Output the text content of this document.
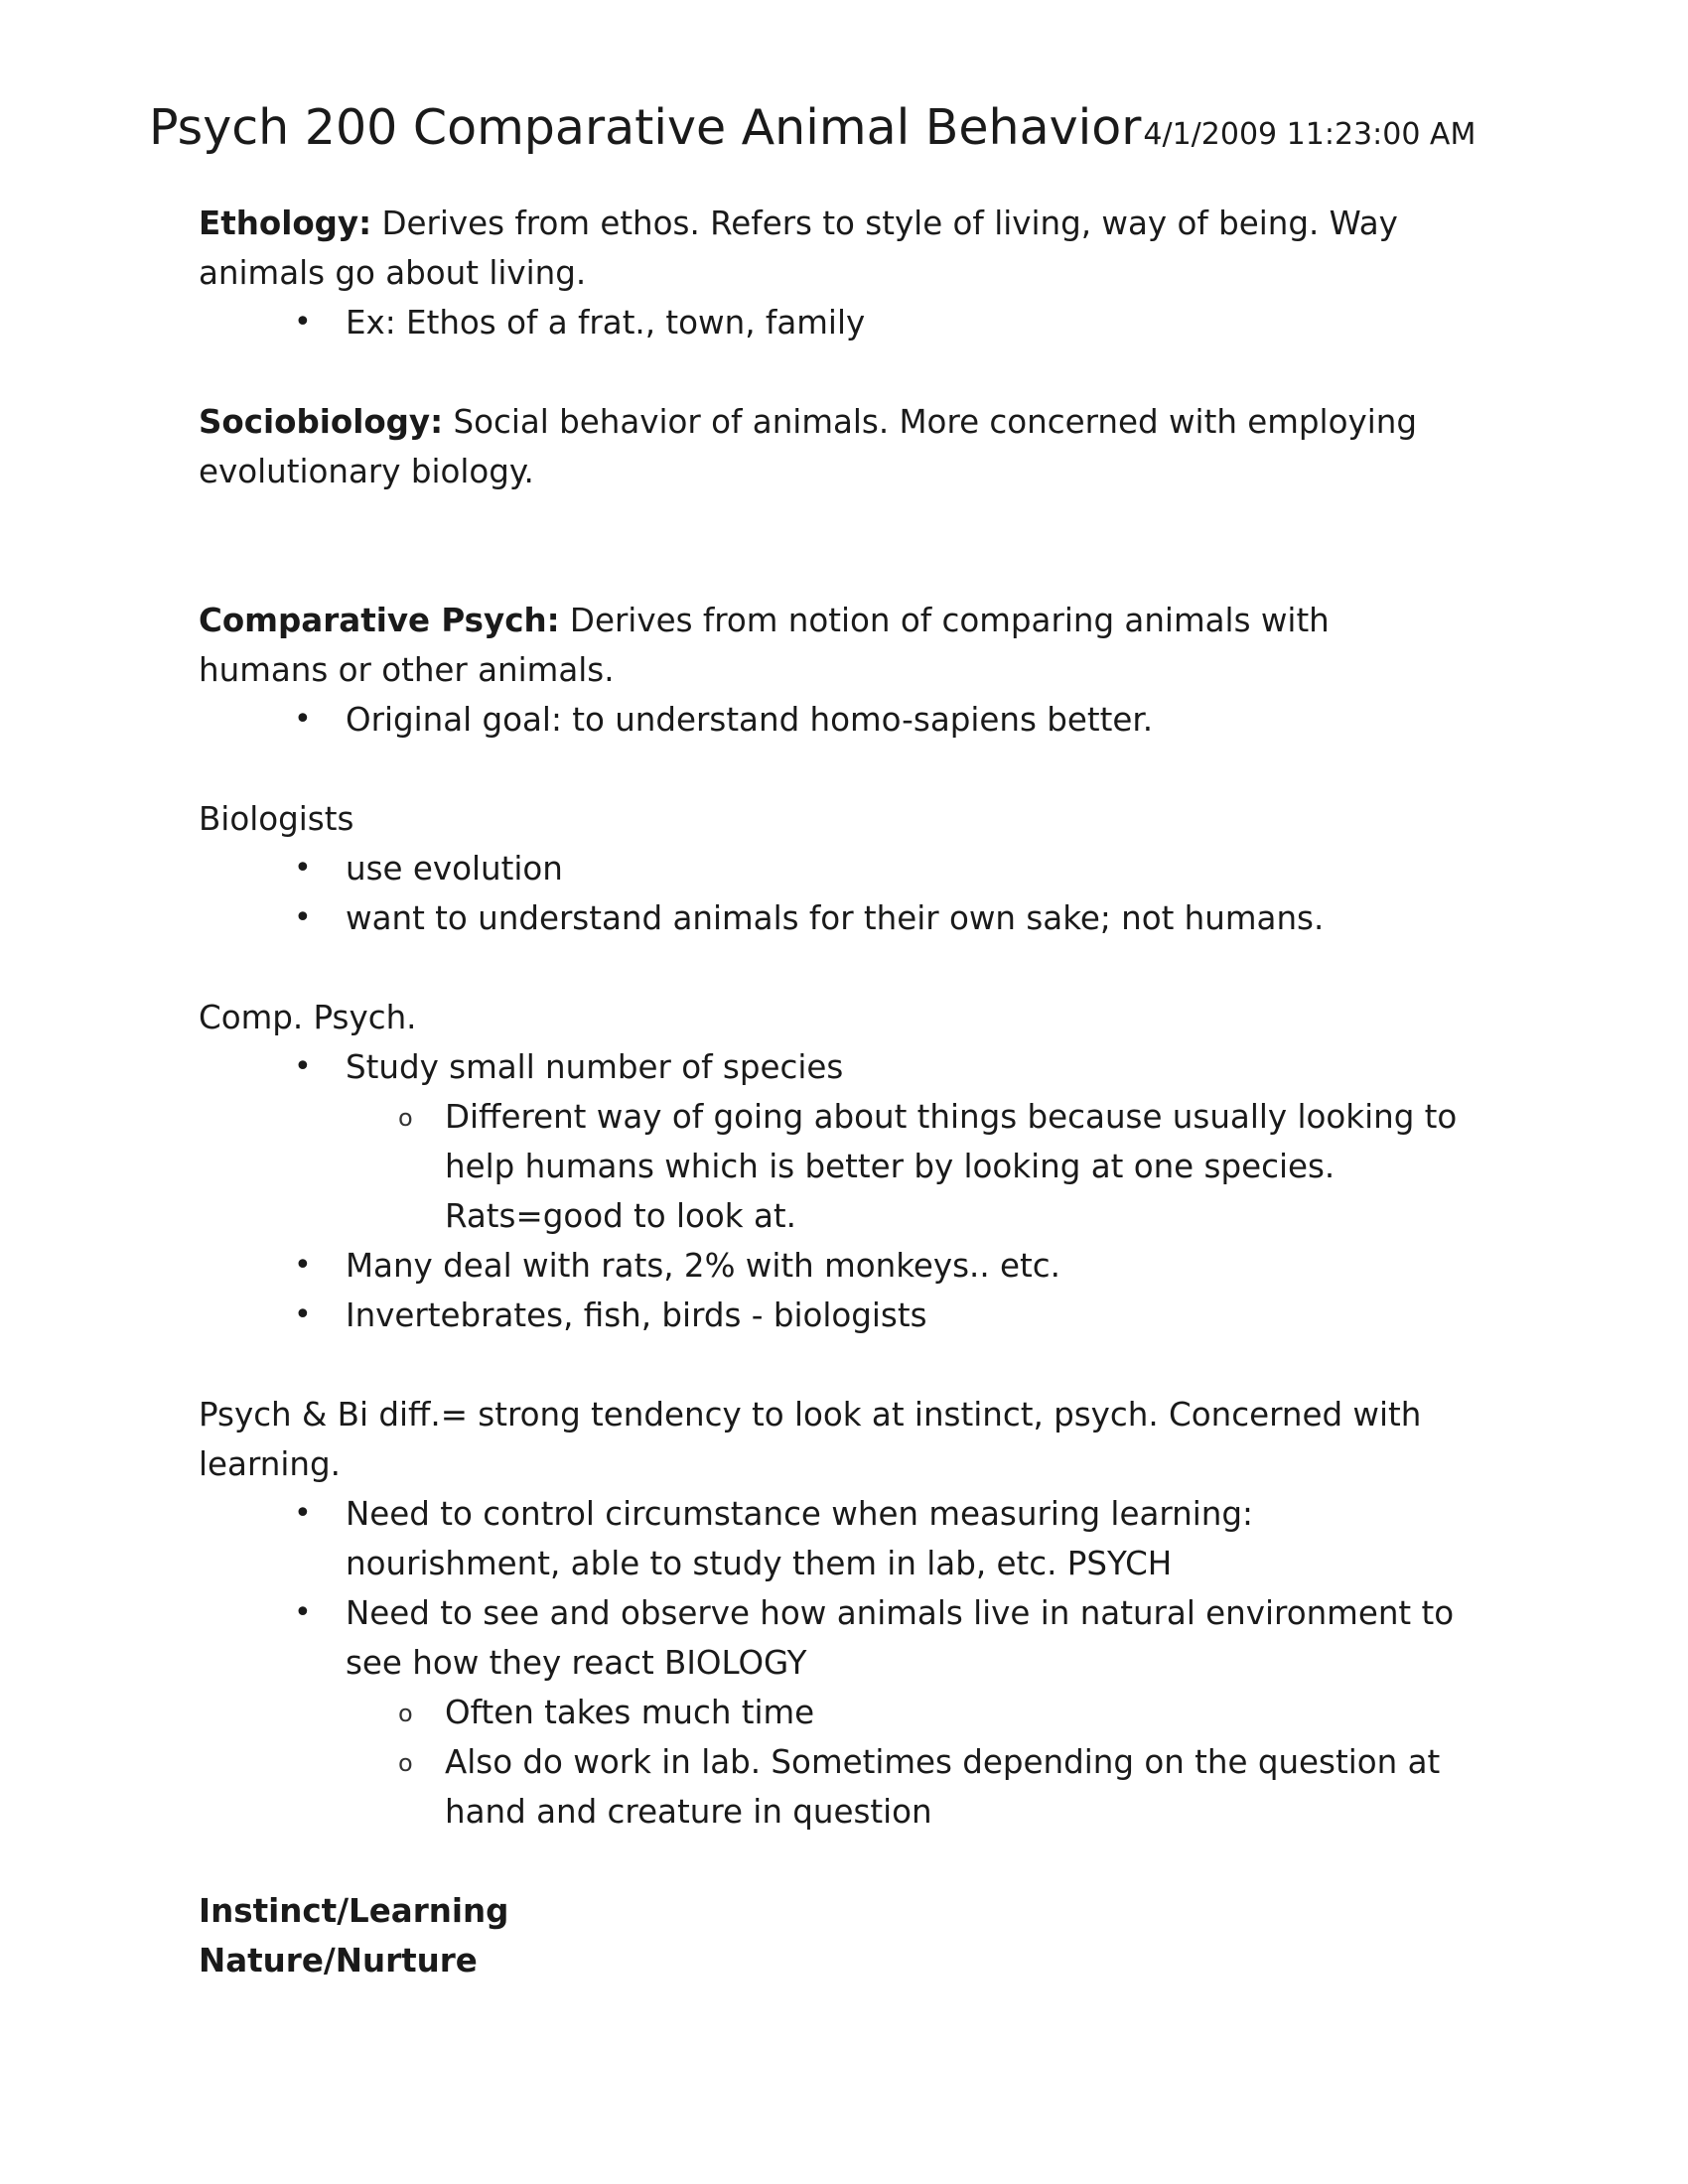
Psych 200 Comparative Animal Behavior4/1/2009 11:23:00 AM

Ethology: Derives from ethos. Refers to style of living, way of being. Way

animals go about living.

• Ex: Ethos of a frat., town, family

Sociobiology: Social behavior of animals. More concerned with employing

evolutionary biology.

Comparative Psych: Derives from notion of comparing animals with

humans or other animals.

• Original goal: to understand homo-sapiens better.

Biologists

• use evolution
• want to understand animals for their own sake; not humans.

Comp. Psych.

• Study small number of species
o Different way of going about things because usually looking to
help humans which is better by looking at one species.
Rats=good to look at.
• Many deal with rats, 2% with monkeys.. etc.
• Invertebrates, fish, birds - biologists

Psych & Bi diff.= strong tendency to look at instinct, psych. Concerned with

learning.

• Need to control circumstance when measuring learning:
nourishment, able to study them in lab, etc. PSYCH
• Need to see and observe how animals live in natural environment to
see how they react BIOLOGY
o Often takes much time
o Also do work in lab. Sometimes depending on the question at
hand and creature in question

Instinct/Learning

Nature/Nurture
